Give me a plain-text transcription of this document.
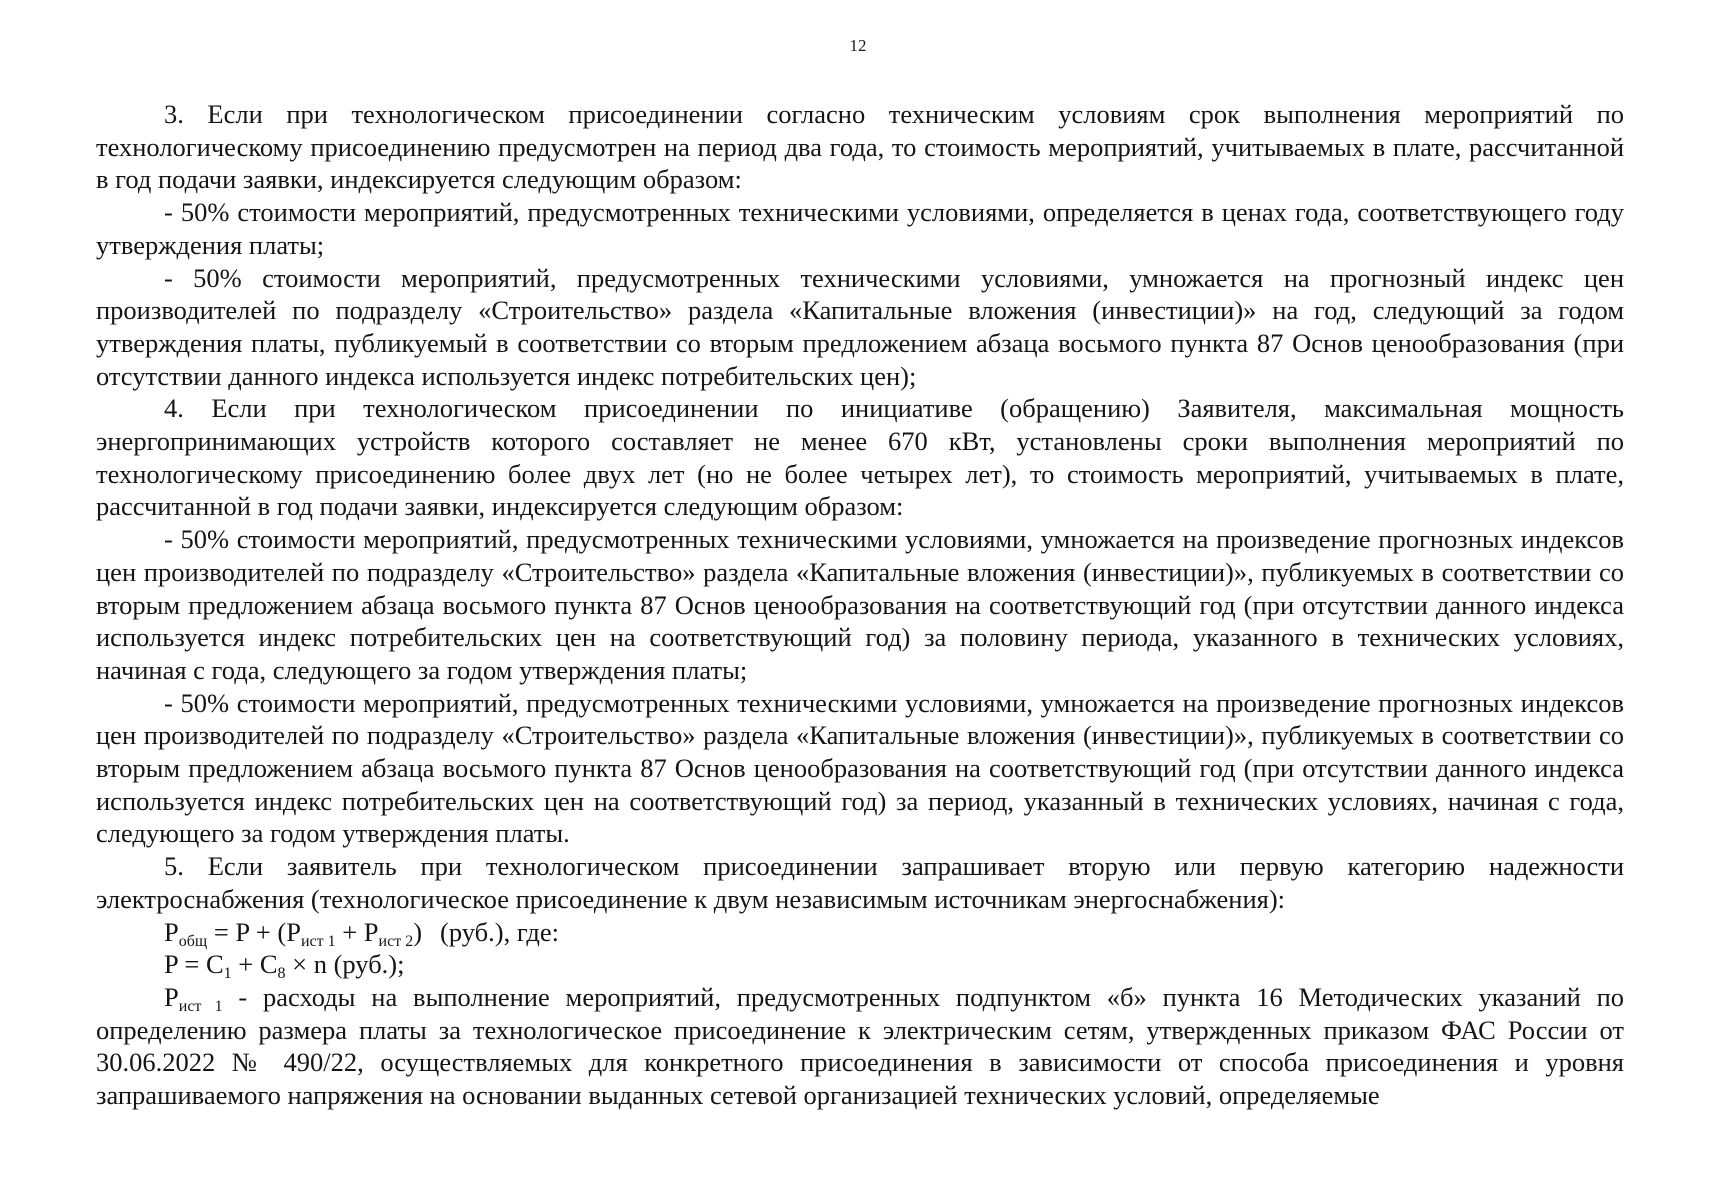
12

3. Если при технологическом присоединении согласно техническим условиям срок выполнения мероприятий по технологическому присоединению предусмотрен на период два года, то стоимость мероприятий, учитываемых в плате, рассчитанной в год подачи заявки, индексируется следующим образом:

- 50% стоимости мероприятий, предусмотренных техническими условиями, определяется в ценах года, соответствующего году утверждения платы;

- 50% стоимости мероприятий, предусмотренных техническими условиями, умножается на прогнозный индекс цен производителей по подразделу «Строительство» раздела «Капитальные вложения (инвестиции)» на год, следующий за годом утверждения платы, публикуемый в соответствии со вторым предложением абзаца восьмого пункта 87 Основ ценообразования (при отсутствии данного индекса используется индекс потребительских цен);

4. Если при технологическом присоединении по инициативе (обращению) Заявителя, максимальная мощность энергопринимающих устройств которого составляет не менее 670 кВт, установлены сроки выполнения мероприятий по технологическому присоединению более двух лет (но не более четырех лет), то стоимость мероприятий, учитываемых в плате, рассчитанной в год подачи заявки, индексируется следующим образом:

- 50% стоимости мероприятий, предусмотренных техническими условиями, умножается на произведение прогнозных индексов цен производителей по подразделу «Строительство» раздела «Капитальные вложения (инвестиции)», публикуемых в соответствии со вторым предложением абзаца восьмого пункта 87 Основ ценообразования на соответствующий год (при отсутствии данного индекса используется индекс потребительских цен на соответствующий год) за половину периода, указанного в технических условиях, начиная с года, следующего за годом утверждения платы;

- 50% стоимости мероприятий, предусмотренных техническими условиями, умножается на произведение прогнозных индексов цен производителей по подразделу «Строительство» раздела «Капитальные вложения (инвестиции)», публикуемых в соответствии со вторым предложением абзаца восьмого пункта 87 Основ ценообразования на соответствующий год (при отсутствии данного индекса используется индекс потребительских цен на соответствующий год) за период, указанный в технических условиях, начиная с года, следующего за годом утверждения платы.

5. Если заявитель при технологическом присоединении запрашивает вторую или первую категорию надежности электроснабжения (технологическое присоединение к двум независимым источникам энергоснабжения):

$P_{общ} = P + (P_{ист 1} + P_{ист 2})$ (руб.), где:

$P = C_1 + C_8 \times n$ (руб.);

$P_{ист 1}$ - расходы на выполнение мероприятий, предусмотренных подпунктом «б» пункта 16 Методических указаний по определению размера платы за технологическое присоединение к электрическим сетям, утвержденных приказом ФАС России от 30.06.2022 № 490/22, осуществляемых для конкретного присоединения в зависимости от способа присоединения и уровня запрашиваемого напряжения на основании выданных сетевой организацией технических условий, определяемые
